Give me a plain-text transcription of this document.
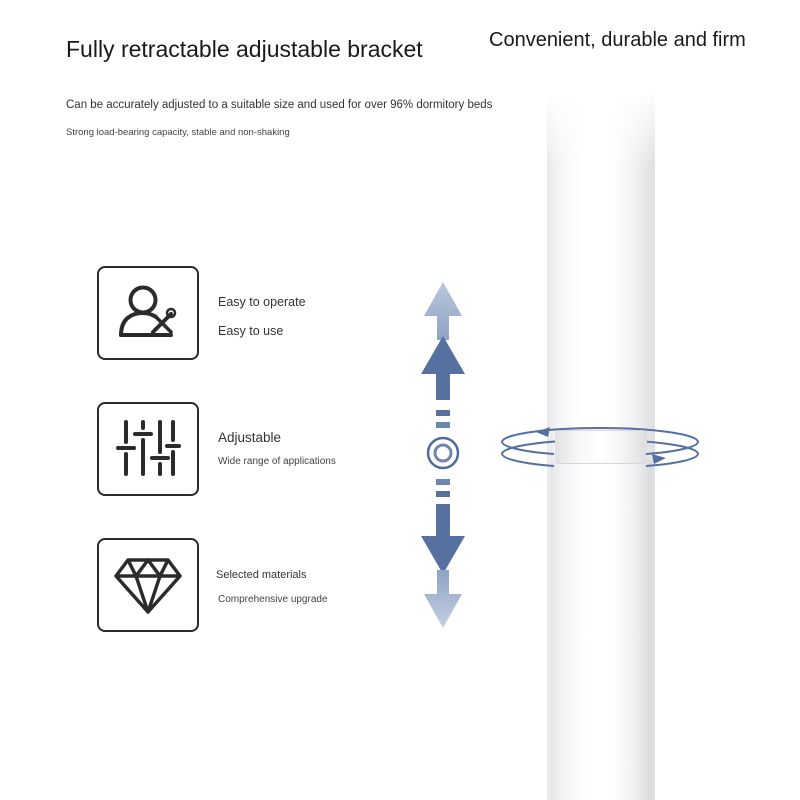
Fully retractable adjustable bracket	Convenient, durable and firm
Can be accurately adjusted to a suitable size and used for over 96% dormitory beds
Strong load-bearing capacity, stable and non-shaking
Easy to operate
Easy to use
Adjustable
Wide range of applications
Selected materials
Comprehensive upgrade
